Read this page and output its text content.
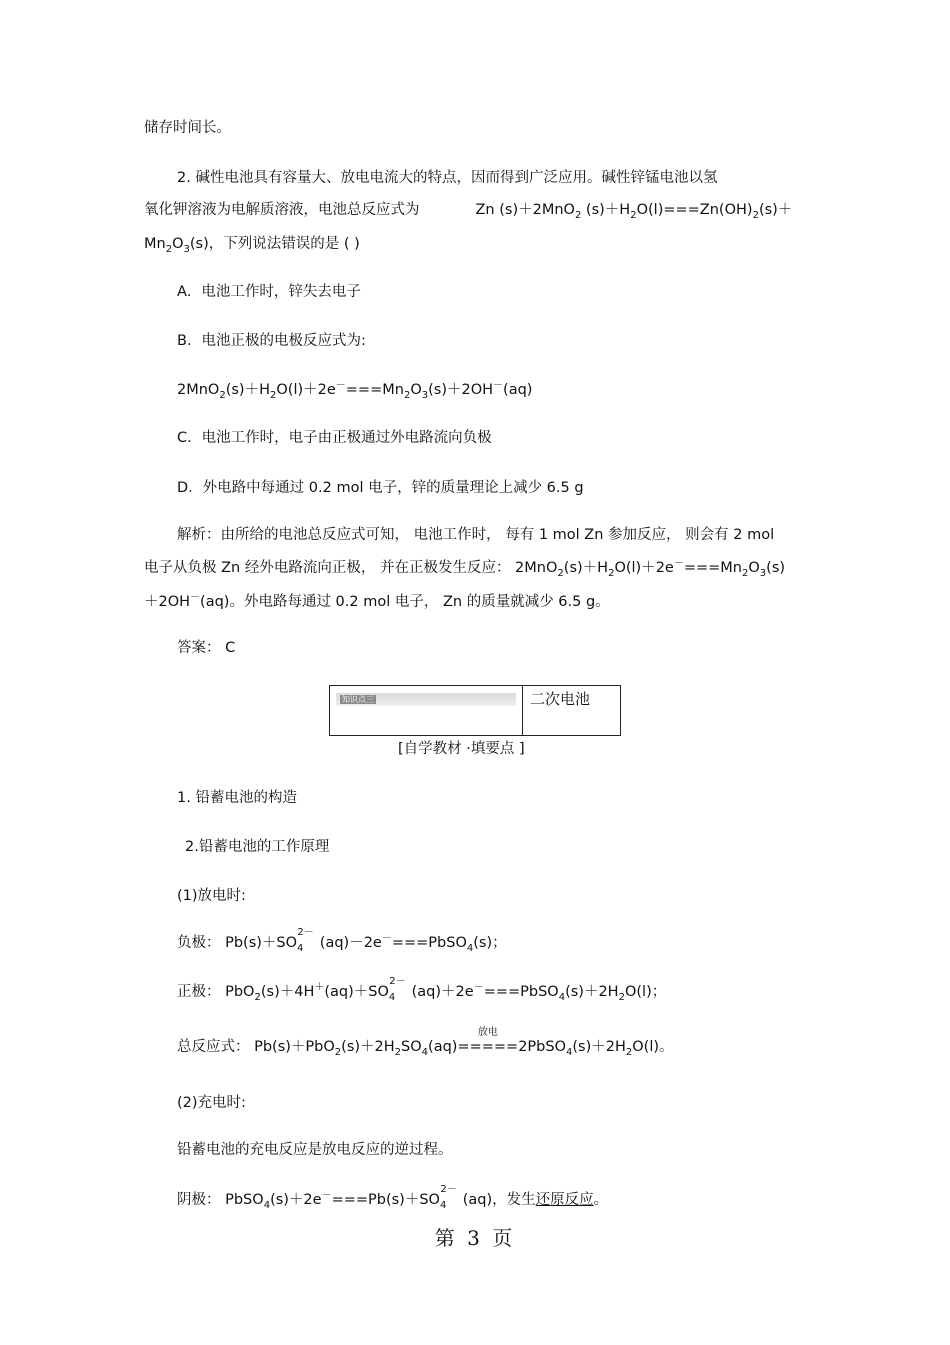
储存时间长。
2. 碱性电池具有容量大、放电电流大的特点，因而得到广泛应用。碱性锌锰电池以氢
氧化钾溶液为电解质溶液，电池总反应式为	Zn (s)＋2MnO$_2$ $(s)+H_2O(l)===Zn(OH)_2(s)+$
$Mn_2O_3(s)$，下列说法错误的是 ( )
A．电池工作时，锌失去电子
B．电池正极的电极反应式为:
$2MnO_2(s)+H_2O(l)+2e^-===Mn_2O_3(s)+2OH^-(aq)$
C．电池工作时，电子由正极通过外电路流向负极
D．外电路中每通过 0.2 mol 电子，锌的质量理论上减少 6.5 g
解析：由所给的电池总反应式可知， 电池工作时， 每有 1 mol Zn 参加反应， 则会有 2 mol
电子从负极 Zn 经外电路流向正极， 并在正极发生反应： $2MnO_2(s)+H_2O(l)+2e^-===Mn_2O_3(s)$
＋2OH－(aq)。外电路每通过 0.2 mol 电子， Zn 的质量就减少 6.5 g。
答案： C
知识点三	二次电池
[自学教材 ·填要点 ]
1. 铅蓄电池的构造
2.铅蓄电池的工作原理
(1)放电时:
负极： $Pb(s)+SO_4^{2-}(aq)-2e^-===PbSO_4(s)$；
正极： $PbO_2(s)+4H^+(aq)+SO_4^{2-}(aq)+2e^-===PbSO_4(s)+2H_2O(l)$；
总反应式： $Pb(s)+PbO_2(s)+2H_2SO_4(aq)$
放电
$=====2PbSO_4(s)+2H_2O(l)$。
(2)充电时:
铅蓄电池的充电反应是放电反应的逆过程。
阴极： $PbSO_4(s)+2e^-===Pb(s)+SO_4^{2-}(aq)$，发生还原反应。
第 3 页
